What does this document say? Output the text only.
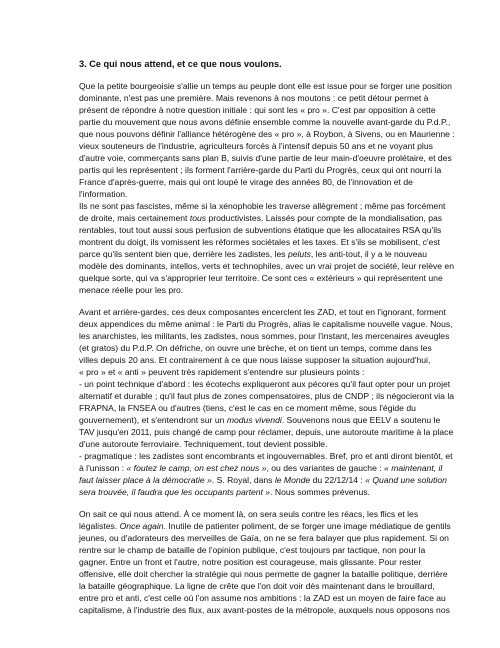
3. Ce qui nous attend, et ce que nous voulons.
Que la petite bourgeoisie s'allie un temps au peuple dont elle est issue pour se forger une position
dominante, n'est pas une première. Mais revenons à nos moutons : ce petit détour permet à
présent de répondre à notre question initiale : qui sont les « pro ». C'est par opposition à cette
partie du mouvement que nous avons définie ensemble comme la nouvelle avant-garde du P.d.P.,
que nous pouvons définir l'alliance hétérogène des « pro », à Roybon, à Sivens, ou en Maurienne :
vieux souteneurs de l'industrie, agriculteurs forcés à l'intensif depuis 50 ans et ne voyant plus
d'autre voie, commerçants sans plan B, suivis d'une partie de leur main-d'oeuvre prolétaire, et des
partis qui les représentent ; ils forment l'arrière-garde du Parti du Progrès, ceux qui ont nourri la
France d'après-guerre, mais qui ont loupé le virage des années 80, de l'innovation et de
l'information.
Ils ne sont pas fascistes, même si la xénophobie les traverse allègrement ; même pas forcément
de droite, mais certainement tous productivistes. Laissés pour compte de la mondialisation, pas
rentables, tout tout aussi sous perfusion de subventions étatique que les allocataires RSA qu'ils
montrent du doigt, ils vomissent les réformes sociétales et les taxes. Et s'ils se mobilisent, c'est
parce qu'ils sentent bien que, derrière les zadistes, les peluts, les anti-tout, il y a le nouveau
modèle des dominants, intellos, verts et technophiles, avec un vrai projet de société, leur relève en
quelque sorte, qui va s'approprier leur territoire. Ce sont ces « extérieurs » qui représentent une
menace réelle pour les pro.
Avant et arrière-gardes, ces deux composantes encerclent les ZAD, et tout en l'ignorant, forment
deux appendices du même animal : le Parti du Progrès, alias le capitalisme nouvelle vague. Nous,
les anarchistes, les militants, les zadistes, nous sommes, pour l'instant, les mercenaires aveugles
(et gratos) du P.d.P. On défriche, on ouvre une brèche, et on tient un temps, comme dans les
villes depuis 20 ans. Et contrairement à ce que nous laisse supposer la situation aujourd'hui,
« pro » et « anti » peuvent très rapidement s'entendre sur plusieurs points :
- un point technique d'abord : les écotechs expliqueront aux pécores qu'il faut opter pour un projet
alternatif et durable ; qu'il faut plus de zones compensatoires, plus de CNDP ; ils négocieront via la
FRAPNA, la FNSEA ou d'autres (tiens, c'est le cas en ce moment même, sous l'égide du
gouvernement), et s'entendront sur un modus vivendi. Souvenons nous que EELV a soutenu le
TAV jusqu'en 2011, puis changé de camp pour réclamer, depuis, une autoroute maritime à la place
d'une autoroute ferroviaire. Techniquement, tout devient possible.
- pragmatique : les zadistes sont encombrants et ingouvernables. Bref, pro et anti diront bientôt, et
à l'unisson : « foutez le camp, on est chez nous », ou des variantes de gauche : « maintenant, il
faut laisser place à la démocratie ». S. Royal, dans le Monde du 22/12/14 : « Quand une solution
sera trouvée, il faudra que les occupants partent ». Nous sommes prévenus.
On sait ce qui nous attend. À ce moment là, on sera seuls contre les réacs, les flics et les
légalistes. Once again. Inutile de patienter poliment, de se forger une image médiatique de gentils
jeunes, ou d'adorateurs des merveilles de Gaïa, on ne se fera balayer que plus rapidement. Si on
rentre sur le champ de bataille de l'opinion publique, c'est toujours par tactique, non pour la
gagner. Entre un front et l'autre, notre position est courageuse, mais glissante. Pour rester
offensive, elle doit chercher la stratégie qui nous permette de gagner la bataille politique, derrière
la bataille géographique. La ligne de crête que l'on doit voir dès maintenant dans le brouillard,
entre pro et anti, c'est celle où l'on assume nos ambitions : la ZAD est un moyen de faire face au
capitalisme, à l'industrie des flux, aux avant-postes de la métropole, auxquels nous opposons nos
